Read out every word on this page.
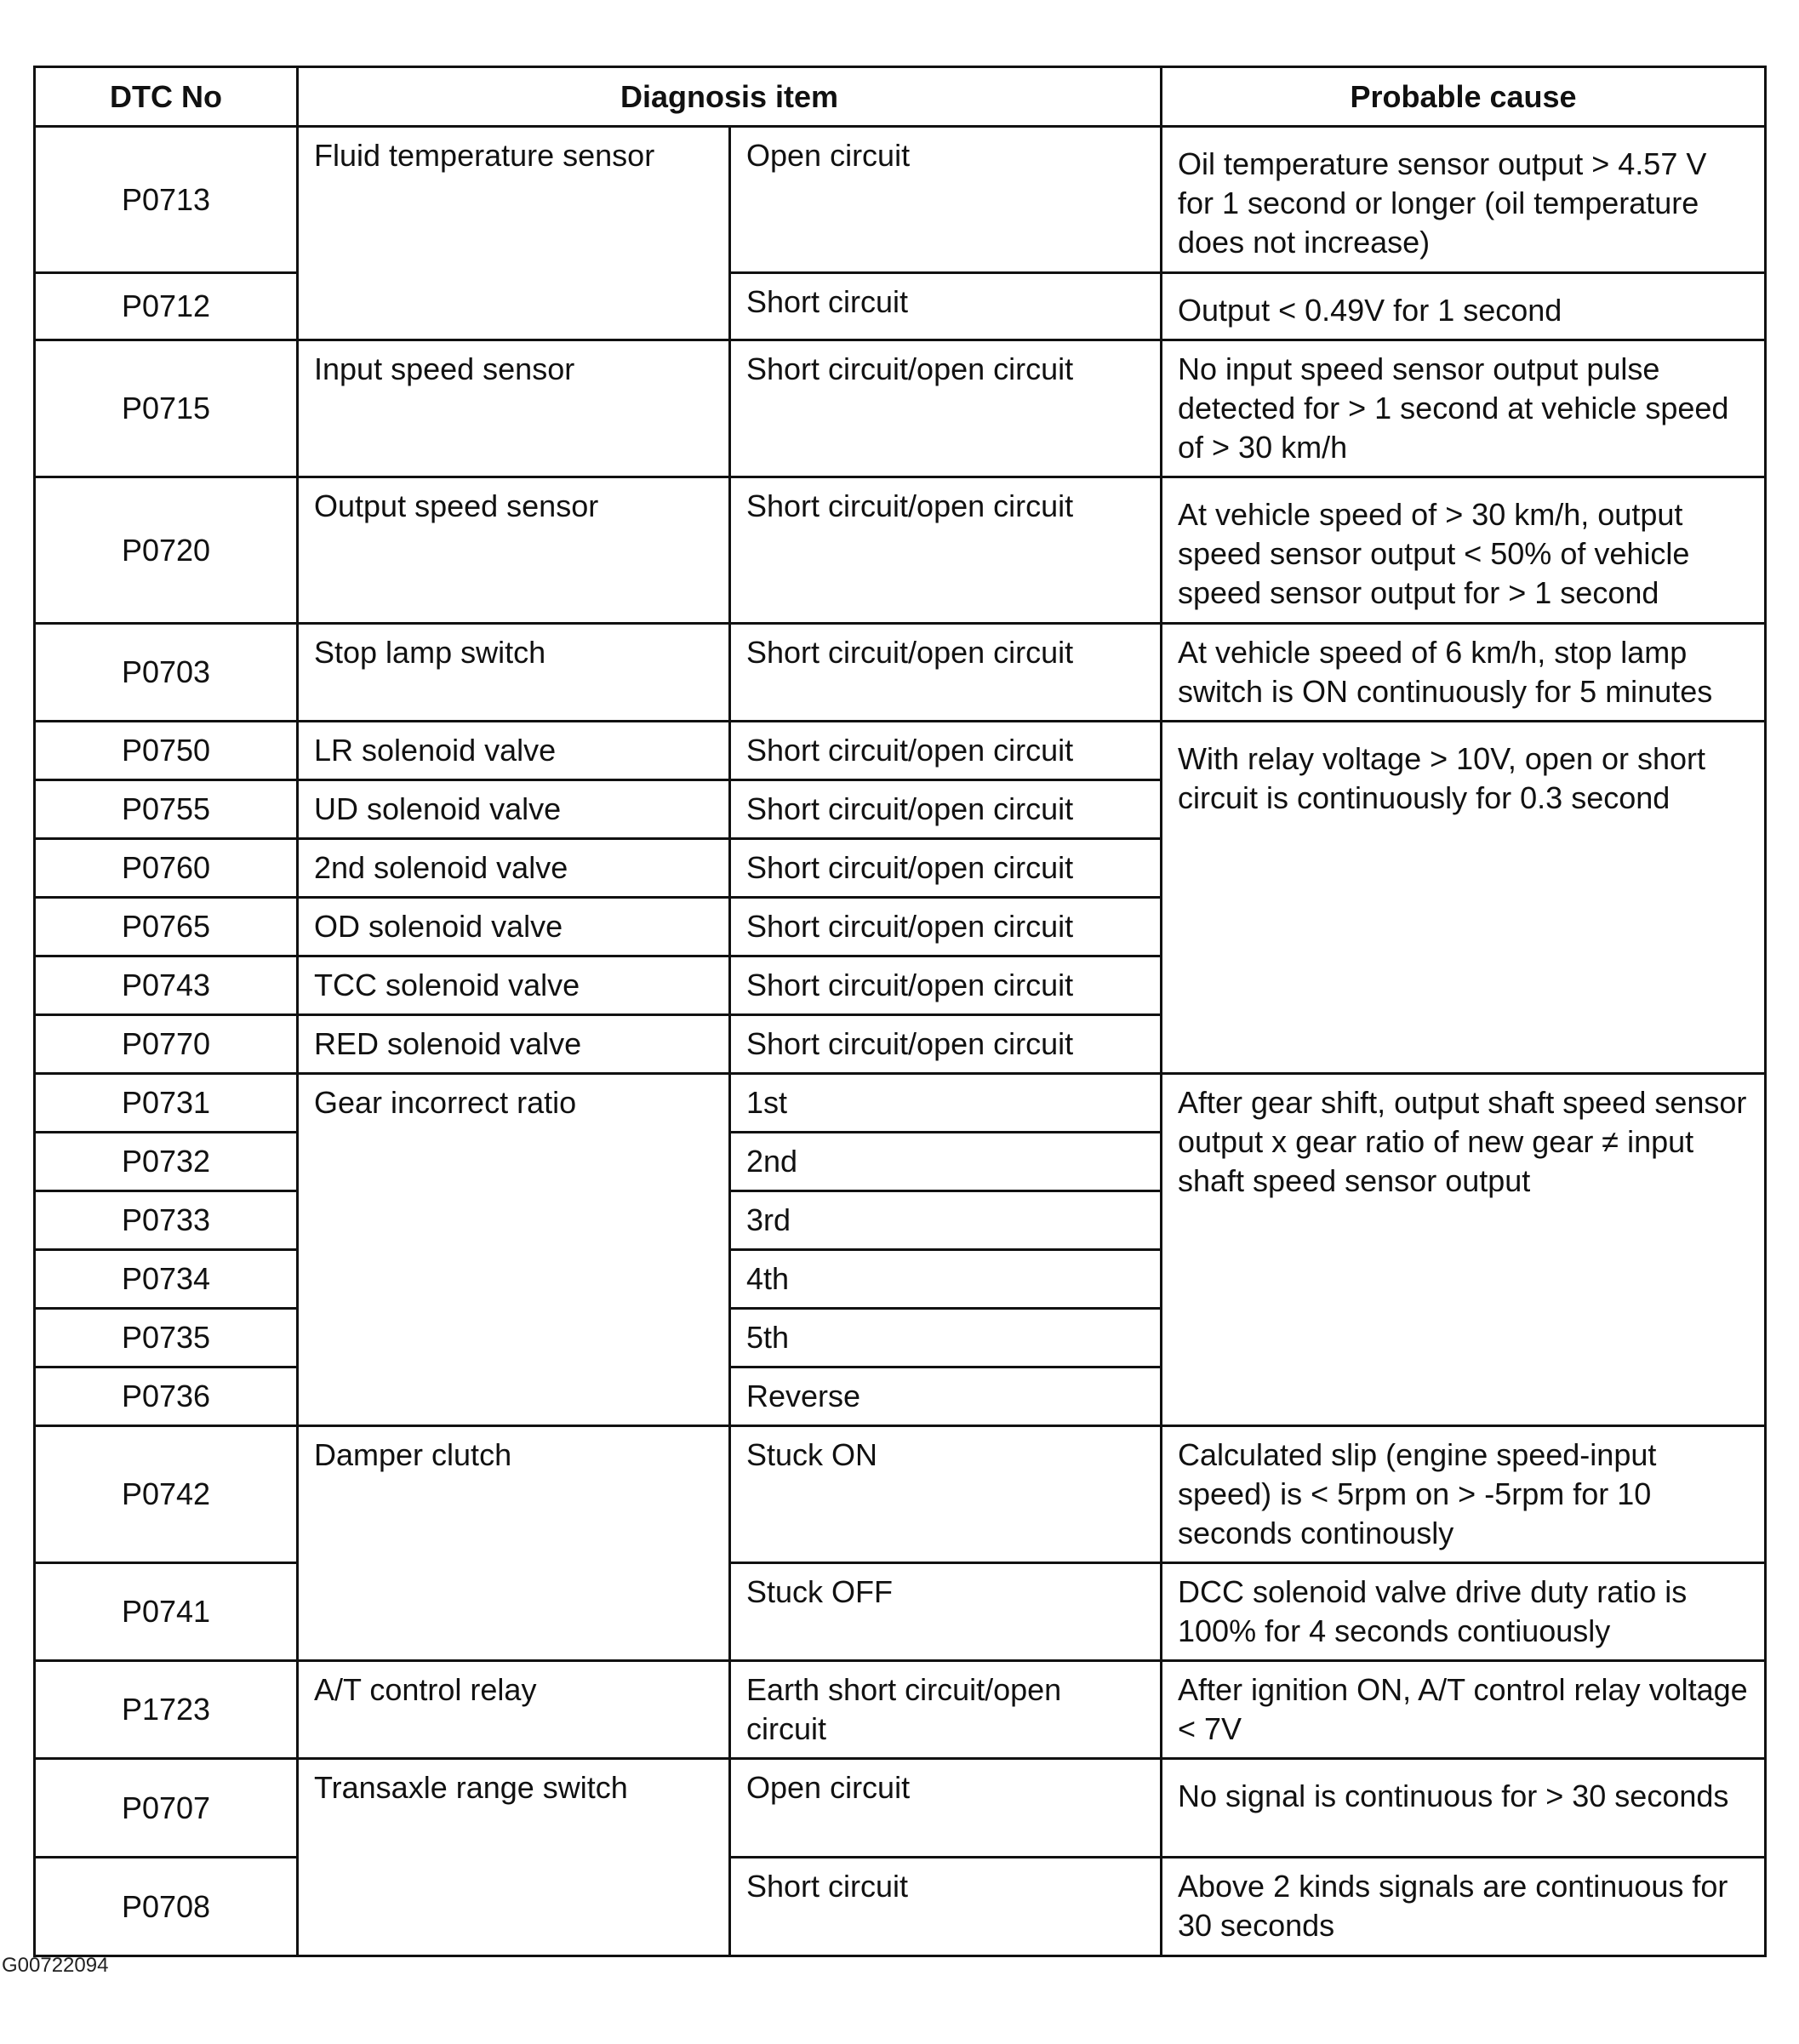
DTC No	Diagnosis item		Probable cause
P0713	Fluid temperature sensor	Open circuit	Oil temperature sensor output > 4.57 V for 1 second or longer (oil temperature does not increase)
P0712		Short circuit	Output < 0.49V for 1 second
P0715	Input speed sensor	Short circuit/open circuit	No input speed sensor output pulse detected for > 1 second at vehicle speed of > 30 km/h
P0720	Output speed sensor	Short circuit/open circuit	At vehicle speed of > 30 km/h, output speed sensor output < 50% of vehicle speed sensor output for > 1 second
P0703	Stop lamp switch	Short circuit/open circuit	At vehicle speed of 6 km/h, stop lamp switch is ON continuously for 5 minutes
P0750	LR solenoid valve	Short circuit/open circuit	With relay voltage > 10V, open or short circuit is continuously for 0.3 second
P0755	UD solenoid valve	Short circuit/open circuit	
P0760	2nd solenoid valve	Short circuit/open circuit	
P0765	OD solenoid valve	Short circuit/open circuit	
P0743	TCC solenoid valve	Short circuit/open circuit	
P0770	RED solenoid valve	Short circuit/open circuit	
P0731	Gear incorrect ratio	1st	After gear shift, output shaft speed sensor output x gear ratio of new gear ≠ input shaft speed sensor output
P0732		2nd	
P0733		3rd	
P0734		4th	
P0735		5th	
P0736		Reverse	
P0742	Damper clutch	Stuck ON	Calculated slip (engine speed-input speed) is < 5rpm on > -5rpm for 10 seconds continously
P0741		Stuck OFF	DCC solenoid valve drive duty ratio is 100% for 4 seconds contiuously
P1723	A/T control relay	Earth short circuit/open circuit	After ignition ON, A/T control relay voltage < 7V
P0707	Transaxle range switch	Open circuit	No signal is continuous for > 30 seconds
P0708		Short circuit	Above 2 kinds signals are continuous for 30 seconds
G00722094
